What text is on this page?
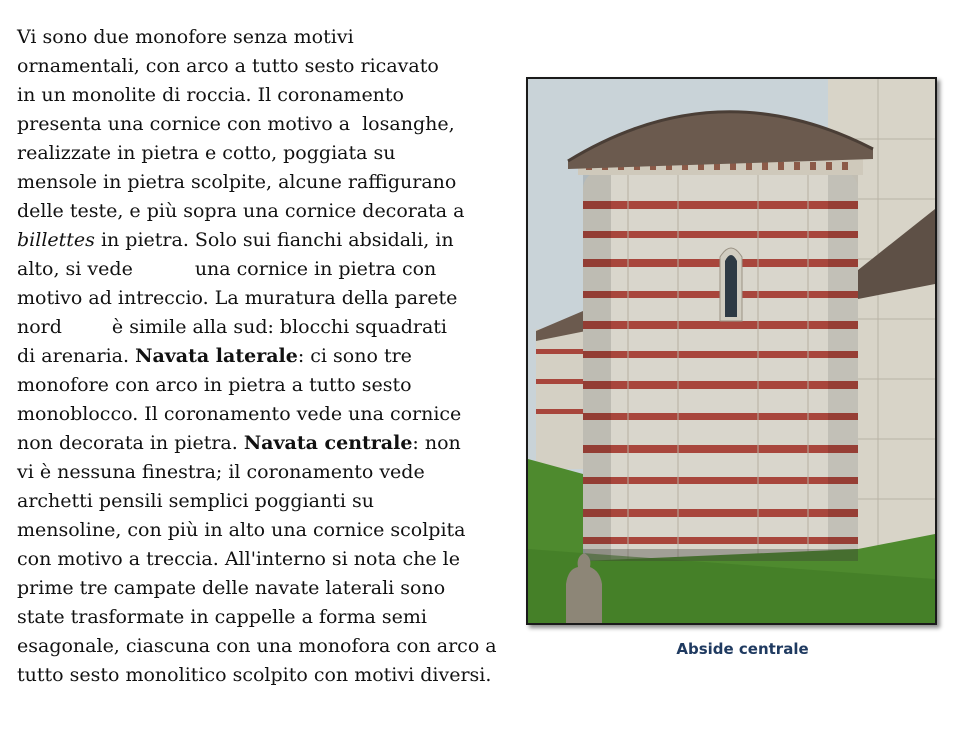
Vi sono due monofore senza motivi
ornamentali, con arco a tutto sesto ricavato
in un monolite di roccia. Il coronamento
presenta una cornice con motivo a  losanghe,
realizzate in pietra e cotto, poggiata su
mensole in pietra scolpite, alcune raffigurano
delle teste, e più sopra una cornice decorata a
billettes in pietra. Solo sui fianchi absidali, in
alto, si vede	una cornice in pietra con
motivo ad intreccio. La muratura della parete
nord	è simile alla sud: blocchi squadrati
di arenaria. Navata laterale: ci sono tre
monofore con arco in pietra a tutto sesto
monoblocco. Il coronamento vede una cornice
non decorata in pietra. Navata centrale: non
vi è nessuna finestra; il coronamento vede
archetti pensili semplici poggianti su
mensoline, con più in alto una cornice scolpita
con motivo a treccia. All'interno si nota che le
prime tre campate delle navate laterali sono
state trasformate in cappelle a forma semi
esagonale, ciascuna con una monofora con arco a
tutto sesto monolitico scolpito con motivi diversi.
Abside centrale
